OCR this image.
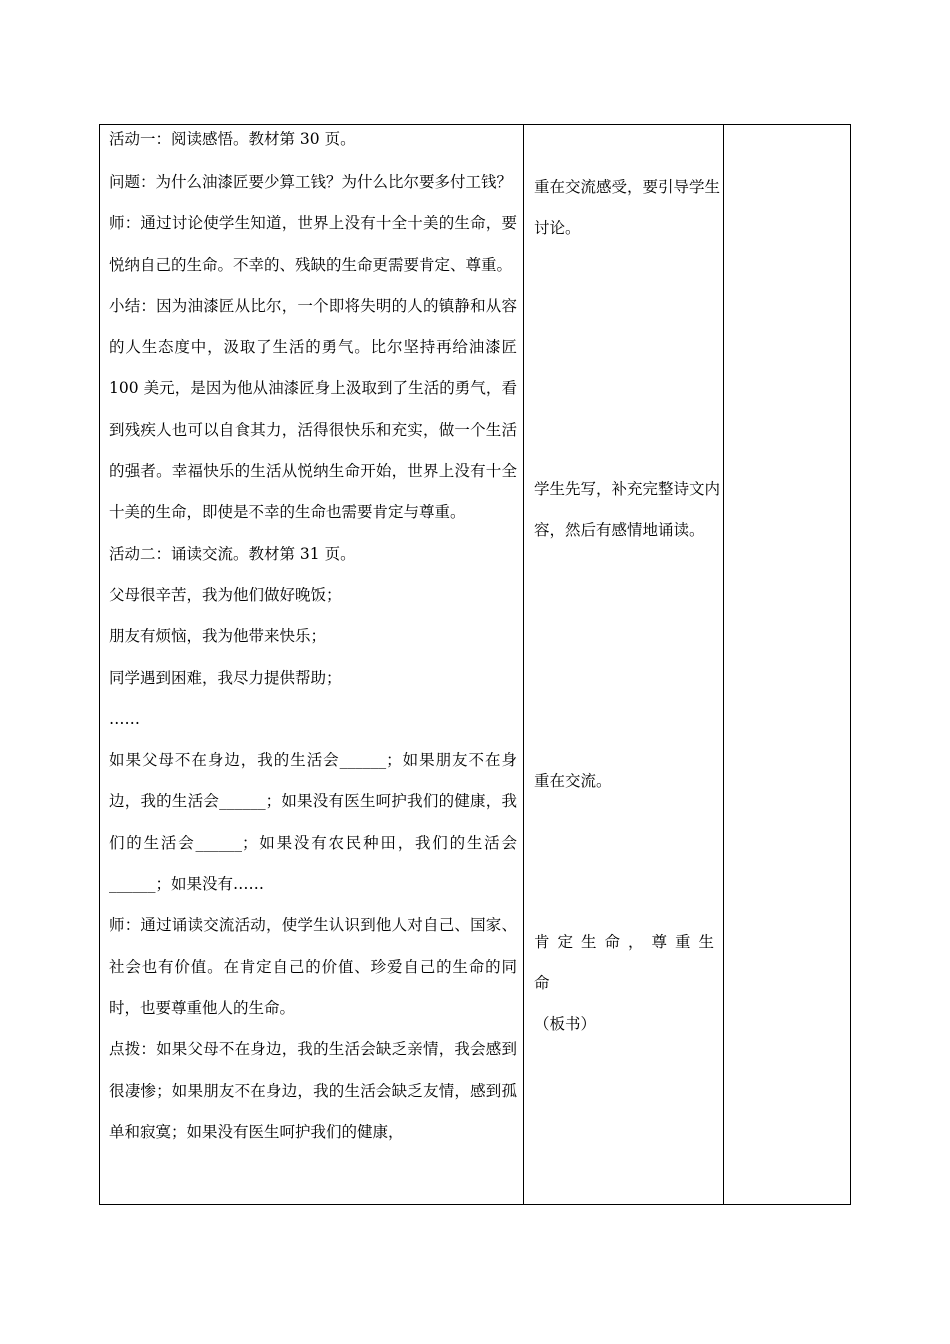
活动一：阅读感悟。教材第 30 页。

问题：为什么油漆匠要少算工钱？为什么比尔要多付工钱？

师：通过讨论使学生知道，世界上没有十全十美的生命，要悦纳自己的生命。不幸的、残缺的生命更需要肯定、尊重。

小结：因为油漆匠从比尔，一个即将失明的人的镇静和从容的人生态度中，汲取了生活的勇气。比尔坚持再给油漆匠 100 美元，是因为他从油漆匠身上汲取到了生活的勇气，看到残疾人也可以自食其力，活得很快乐和充实，做一个生活的强者。幸福快乐的生活从悦纳生命开始，世界上没有十全十美的生命，即使是不幸的生命也需要肯定与尊重。

活动二：诵读交流。教材第 31 页。

父母很辛苦，我为他们做好晚饭；

朋友有烦恼，我为他带来快乐；

同学遇到困难，我尽力提供帮助；

……

如果父母不在身边，我的生活会______；如果朋友不在身边，我的生活会______；如果没有医生呵护我们的健康，我们的生活会______；如果没有农民种田，我们的生活会______；如果没有……

师：通过诵读交流活动，使学生认识到他人对自己、国家、社会也有价值。在肯定自己的价值、珍爱自己的生命的同时，也要尊重他人的生命。

点拨：如果父母不在身边，我的生活会缺乏亲情，我会感到很凄惨；如果朋友不在身边，我的生活会缺乏友情，感到孤单和寂寞；如果没有医生呵护我们的健康，

重在交流感受，要引导学生讨论。

学生先写，补充完整诗文内容，然后有感情地诵读。

重在交流。

肯定生命，尊重生命

（板书）
